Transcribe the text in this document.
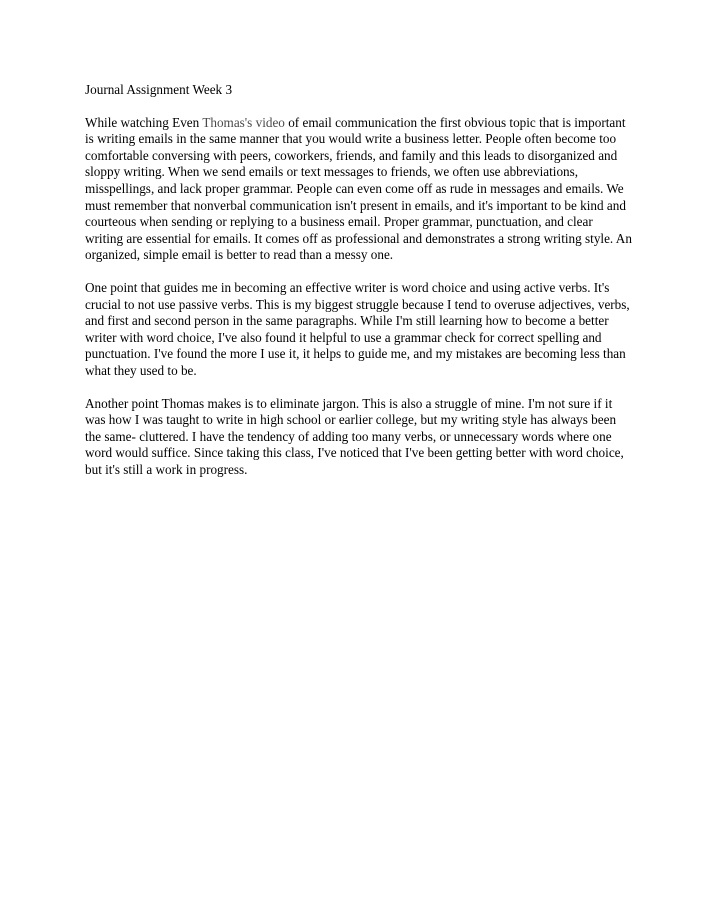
Journal Assignment Week 3

While watching Even Thomas's video of email communication the first obvious topic that is important is writing emails in the same manner that you would write a business letter. People often become too comfortable conversing with peers, coworkers, friends, and family and this leads to disorganized and sloppy writing. When we send emails or text messages to friends, we often use abbreviations, misspellings, and lack proper grammar. People can even come off as rude in messages and emails. We must remember that nonverbal communication isn't present in emails, and it's important to be kind and courteous when sending or replying to a business email. Proper grammar, punctuation, and clear writing are essential for emails. It comes off as professional and demonstrates a strong writing style. An organized, simple email is better to read than a messy one.

One point that guides me in becoming an effective writer is word choice and using active verbs. It's crucial to not use passive verbs. This is my biggest struggle because I tend to overuse adjectives, verbs, and first and second person in the same paragraphs. While I'm still learning how to become a better writer with word choice, I've also found it helpful to use a grammar check for correct spelling and punctuation. I've found the more I use it, it helps to guide me, and my mistakes are becoming less than what they used to be.

Another point Thomas makes is to eliminate jargon. This is also a struggle of mine. I'm not sure if it was how I was taught to write in high school or earlier college, but my writing style has always been the same- cluttered. I have the tendency of adding too many verbs, or unnecessary words where one word would suffice. Since taking this class, I've noticed that I've been getting better with word choice, but it's still a work in progress.
